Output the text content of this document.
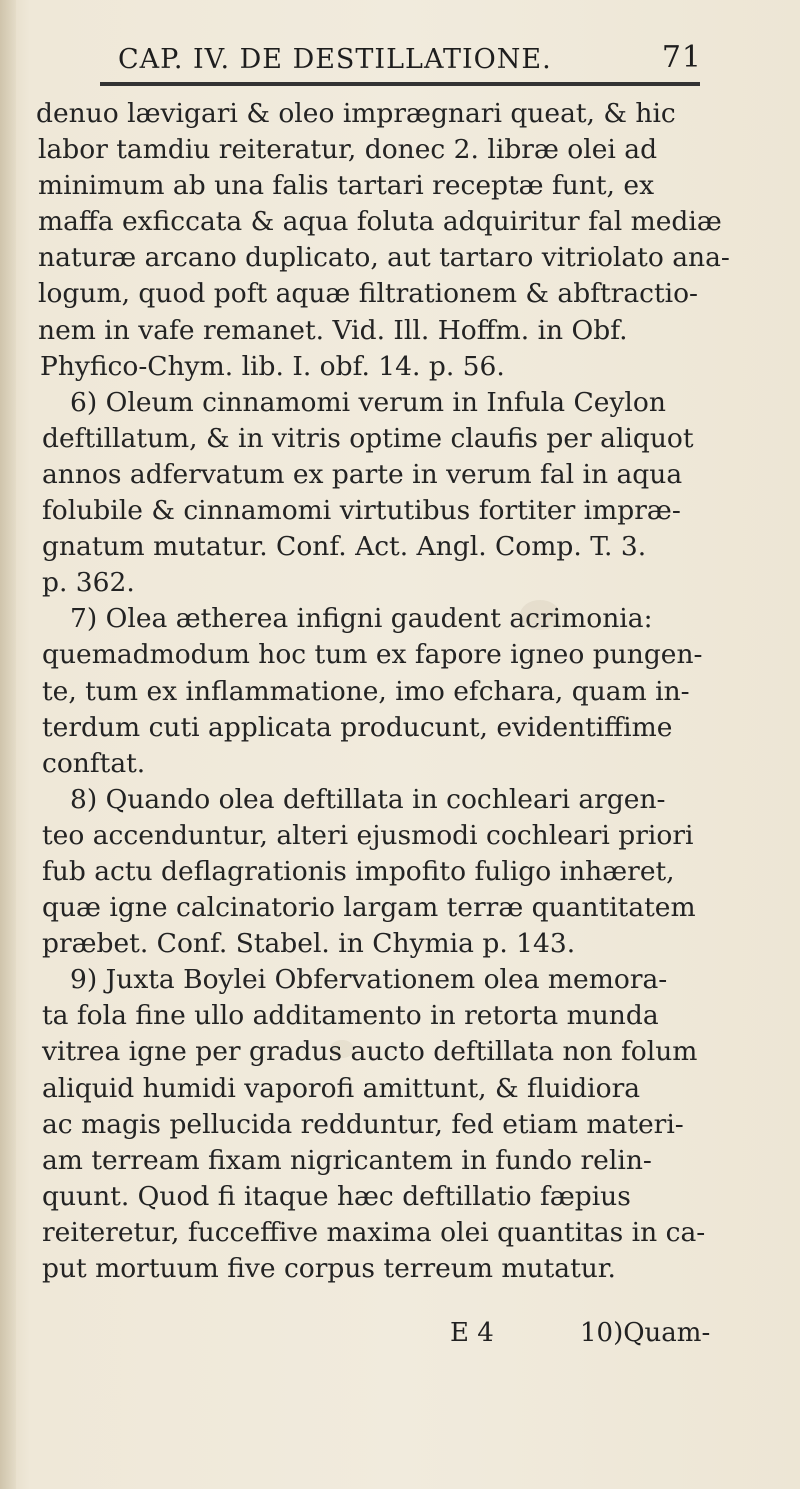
CAP. IV. DE DESTILLATIONE.	71
denuo lævigari & oleo imprægnari queat, & hic
labor tamdiu reiteratur, donec 2. libræ olei ad
minimum ab una falis tartari receptæ funt, ex
maffa exficcata & aqua foluta adquiritur fal mediæ
naturæ arcano duplicato, aut tartaro vitriolato ana-
logum, quod poft aquæ filtrationem & abftractio-
nem in vafe remanet. Vid. Ill. Hoffm. in Obf.
Phyfico-Chym. lib. I. obf. 14. p. 56.
6) Oleum cinnamomi verum in Infula Ceylon
deftillatum, & in vitris optime claufis per aliquot
annos adfervatum ex parte in verum fal in aqua
folubile & cinnamomi virtutibus fortiter impræ-
gnatum mutatur. Conf. Act. Angl. Comp. T. 3.
p. 362.
7) Olea ætherea infigni gaudent acrimonia:
quemadmodum hoc tum ex fapore igneo pungen-
te, tum ex inflammatione, imo efchara, quam in-
terdum cuti applicata producunt, evidentiffime
conftat.
8) Quando olea deftillata in cochleari argen-
teo accenduntur, alteri ejusmodi cochleari priori
fub actu deflagrationis impofito fuligo inhæret,
quæ igne calcinatorio largam terræ quantitatem
præbet. Conf. Stabel. in Chymia p. 143.
9) Juxta Boylei Obfervationem olea memora-
ta fola fine ullo additamento in retorta munda
vitrea igne per gradus aucto deftillata non folum
aliquid humidi vaporofi amittunt, & fluidiora
ac magis pellucida redduntur, fed etiam materi-
am terream fixam nigricantem in fundo relin-
quunt. Quod fi itaque hæc deftillatio fæpius
reiteretur, fucceffive maxima olei quantitas in ca-
put mortuum five corpus terreum mutatur.
E 4	10)Quam-
